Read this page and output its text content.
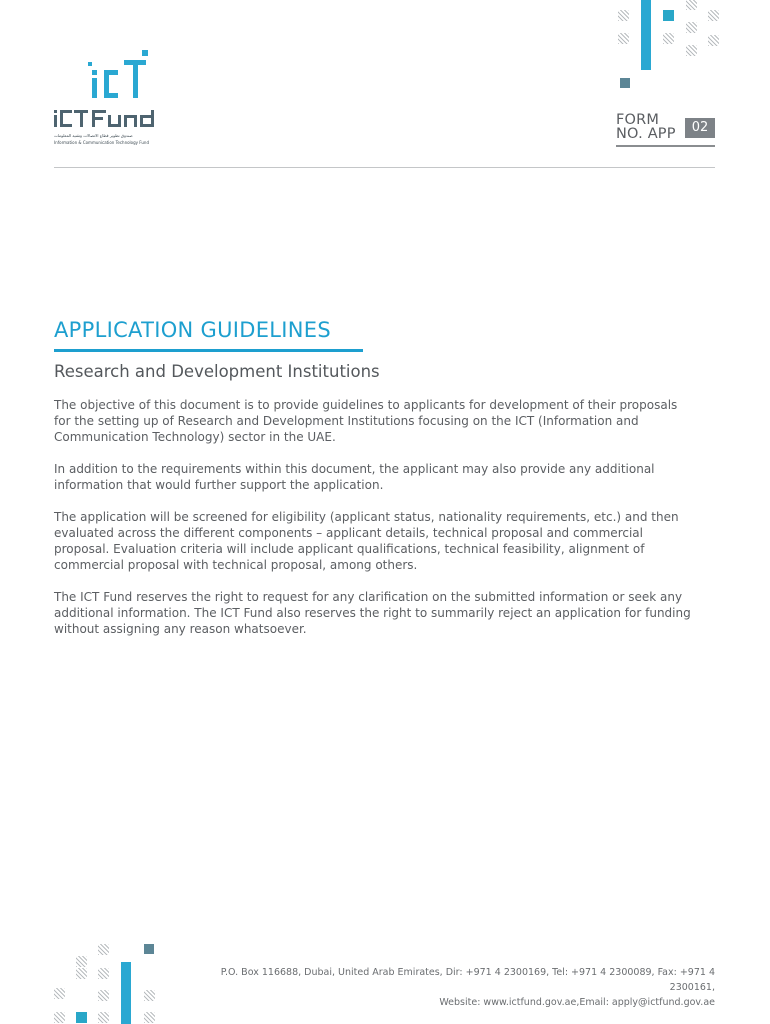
صندوق تطوير قطاع الاتصالات وتقنية المعلومات
Information & Communication Technology Fund
FORM
NO. APP	02
APPLICATION GUIDELINES
Research and Development Institutions

The objective of this document is to provide guidelines to applicants for development of their proposals for the setting up of Research and Development Institutions focusing on the ICT (Information and Communication Technology) sector in the UAE.

In addition to the requirements within this document, the applicant may also provide any additional information that would further support the application.

The application will be screened for eligibility (applicant status, nationality requirements, etc.) and then evaluated across the different components – applicant details, technical proposal and commercial proposal. Evaluation criteria will include applicant qualifications, technical feasibility, alignment of commercial proposal with technical proposal, among others.

The ICT Fund reserves the right to request for any clarification on the submitted information or seek any additional information. The ICT Fund also reserves the right to summarily reject an application for funding without assigning any reason whatsoever.

P.O. Box 116688, Dubai, United Arab Emirates, Dir: +971 4 2300169, Tel: +971 4 2300089, Fax: +971 4 2300161,
Website: www.ictfund.gov.ae,Email: apply@ictfund.gov.ae
